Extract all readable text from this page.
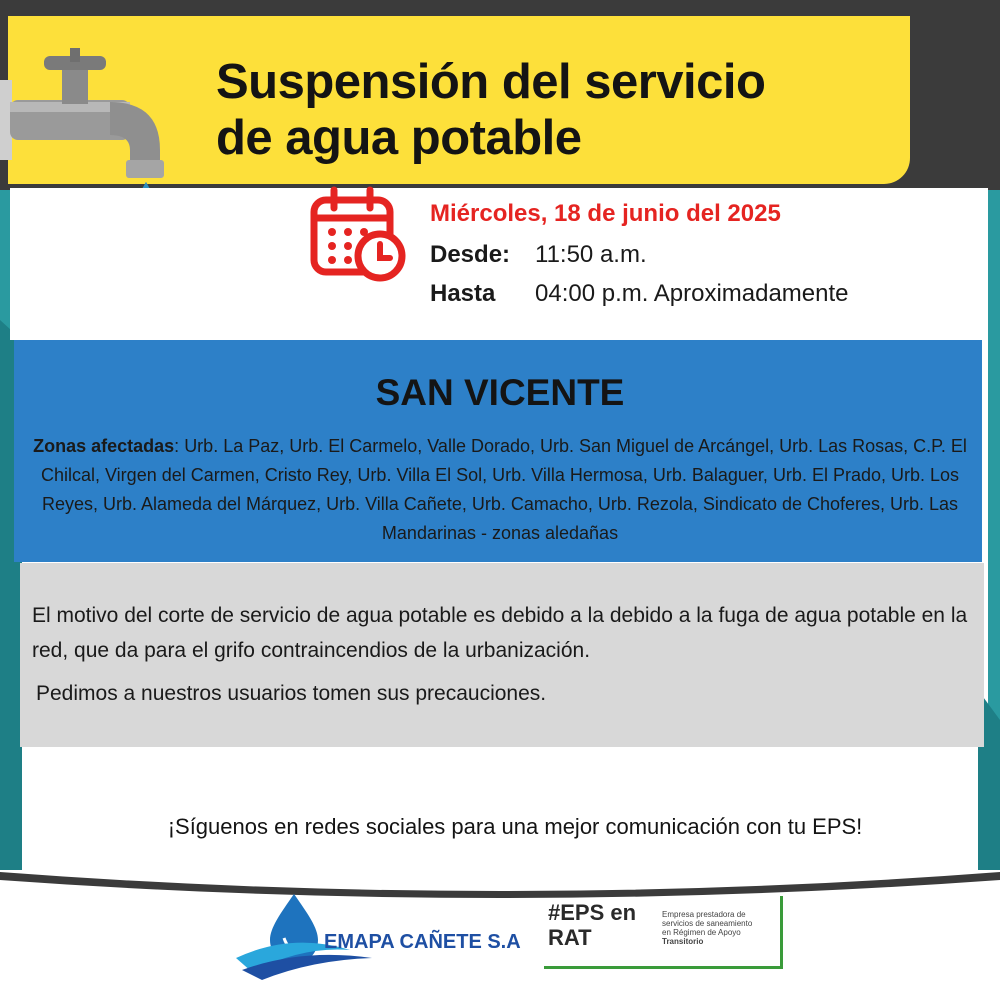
Suspensión del servicio
de agua potable
Miércoles, 18 de junio del 2025
Desde: 11:50 a.m.
Hasta 04:00 p.m. Aproximadamente
SAN VICENTE
Zonas afectadas: Urb. La Paz, Urb. El Carmelo, Valle Dorado, Urb. San Miguel de Arcángel, Urb. Las Rosas, C.P. El Chilcal, Virgen del Carmen, Cristo Rey, Urb. Villa El Sol, Urb. Villa Hermosa, Urb. Balaguer, Urb. El Prado, Urb. Los Reyes, Urb. Alameda del Márquez, Urb. Villa Cañete, Urb. Camacho, Urb. Rezola, Sindicato de Choferes, Urb. Las Mandarinas - zonas aledañas

El motivo del corte de servicio de agua potable es debido a la debido a la fuga de agua potable en la red, que da para el grifo contraincendios de la urbanización.

Pedimos a nuestros usuarios tomen sus precauciones.

¡Síguenos en redes sociales para una mejor comunicación con tu EPS!
EMAPA CAÑETE S.A.
#EPS en
RAT
Empresa prestadora de
servicios de saneamiento
en Régimen de Apoyo
Transitorio
